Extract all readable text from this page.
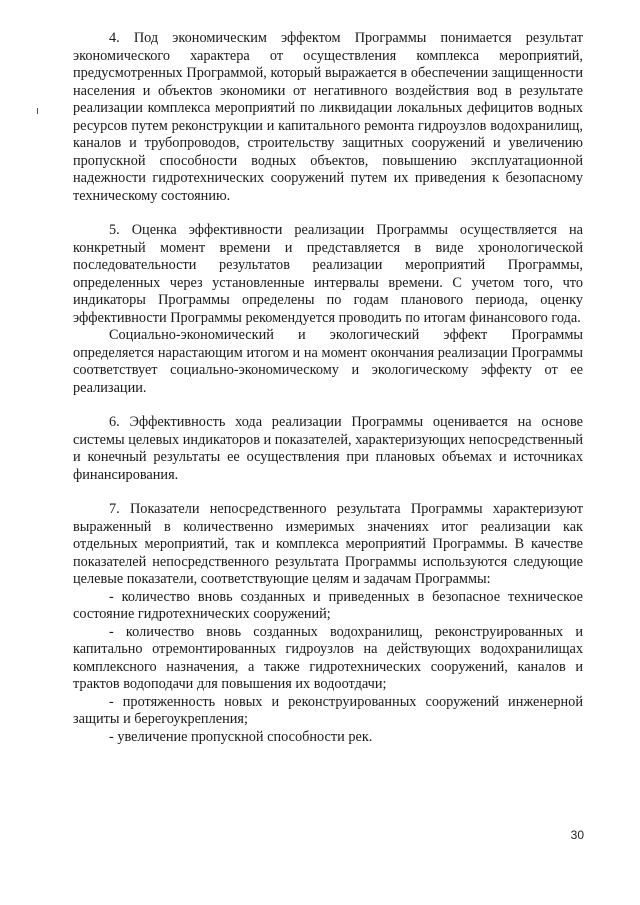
4. Под экономическим эффектом Программы понимается результат экономического характера от осуществления комплекса мероприятий, предусмотренных Программой, который выражается в обеспечении защищенности населения и объектов экономики от негативного воздействия вод в результате реализации комплекса мероприятий по ликвидации локальных дефицитов водных ресурсов путем реконструкции и капитального ремонта гидроузлов водохранилищ, каналов и трубопроводов, строительству защитных сооружений и увеличению пропускной способности водных объектов, повышению эксплуатационной надежности гидротехнических сооружений путем их приведения к безопасному техническому состоянию.

5. Оценка эффективности реализации Программы осуществляется на конкретный момент времени и представляется в виде хронологической последовательности результатов реализации мероприятий Программы, определенных через установленные интервалы времени. С учетом того, что индикаторы Программы определены по годам планового периода, оценку эффективности Программы рекомендуется проводить по итогам финансового года.

Социально-экономический и экологический эффект Программы определяется нарастающим итогом и на момент окончания реализации Программы соответствует социально-экономическому и экологическому эффекту от ее реализации.

6. Эффективность хода реализации Программы оценивается на основе системы целевых индикаторов и показателей, характеризующих непосредственный и конечный результаты ее осуществления при плановых объемах и источниках финансирования.

7. Показатели непосредственного результата Программы характеризуют выраженный в количественно измеримых значениях итог реализации как отдельных мероприятий, так и комплекса мероприятий Программы. В качестве показателей непосредственного результата Программы используются следующие целевые показатели, соответствующие целям и задачам Программы:

- количество вновь созданных и приведенных в безопасное техническое состояние гидротехнических сооружений;

- количество вновь созданных водохранилищ, реконструированных и капитально отремонтированных гидроузлов на действующих водохранилищах комплексного назначения, а также гидротехнических сооружений, каналов и трактов водоподачи для повышения их водоотдачи;

- протяженность новых и реконструированных сооружений инженерной защиты и берегоукрепления;

- увеличение пропускной способности рек.

30
